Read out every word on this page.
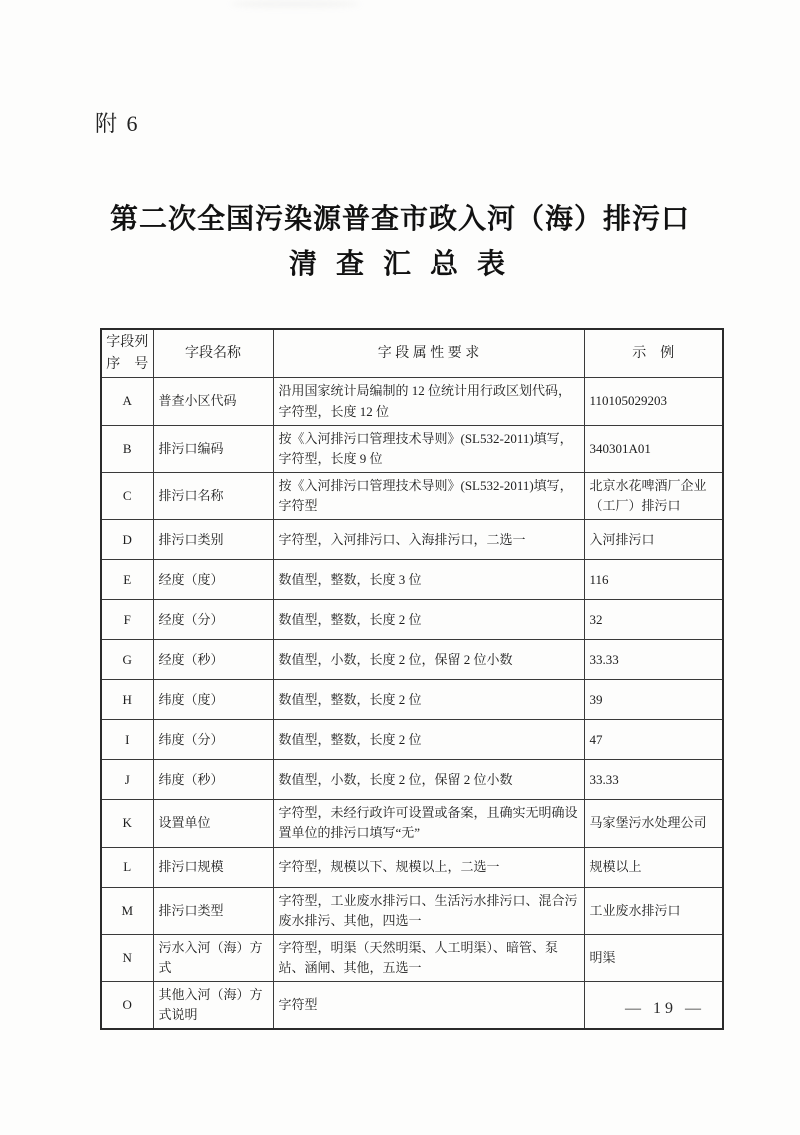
附 6
第二次全国污染源普查市政入河（海）排污口
清 查 汇 总 表
字段列
序　号	字段名称	字 段 属 性 要 求	示　例
A	普查小区代码	沿用国家统计局编制的 12 位统计用行政区划代码，字符型，长度 12 位	110105029203
B	排污口编码	按《入河排污口管理技术导则》(SL532-2011)填写，字符型，长度 9 位	340301A01
C	排污口名称	按《入河排污口管理技术导则》(SL532-2011)填写，字符型	北京水花啤酒厂企业（工厂）排污口
D	排污口类别	字符型，入河排污口、入海排污口，二选一	入河排污口
E	经度（度）	数值型，整数，长度 3 位	116
F	经度（分）	数值型，整数，长度 2 位	32
G	经度（秒）	数值型，小数，长度 2 位，保留 2 位小数	33.33
H	纬度（度）	数值型，整数，长度 2 位	39
I	纬度（分）	数值型，整数，长度 2 位	47
J	纬度（秒）	数值型，小数，长度 2 位，保留 2 位小数	33.33
K	设置单位	字符型，未经行政许可设置或备案，且确实无明确设置单位的排污口填写“无”	马家堡污水处理公司
L	排污口规模	字符型，规模以下、规模以上，二选一	规模以上
M	排污口类型	字符型，工业废水排污口、生活污水排污口、混合污废水排污、其他，四选一	工业废水排污口
N	污水入河（海）方式	字符型，明渠（天然明渠、人工明渠）、暗管、泵站、涵闸、其他，五选一	明渠
O	其他入河（海）方式说明	字符型		— 19 —
